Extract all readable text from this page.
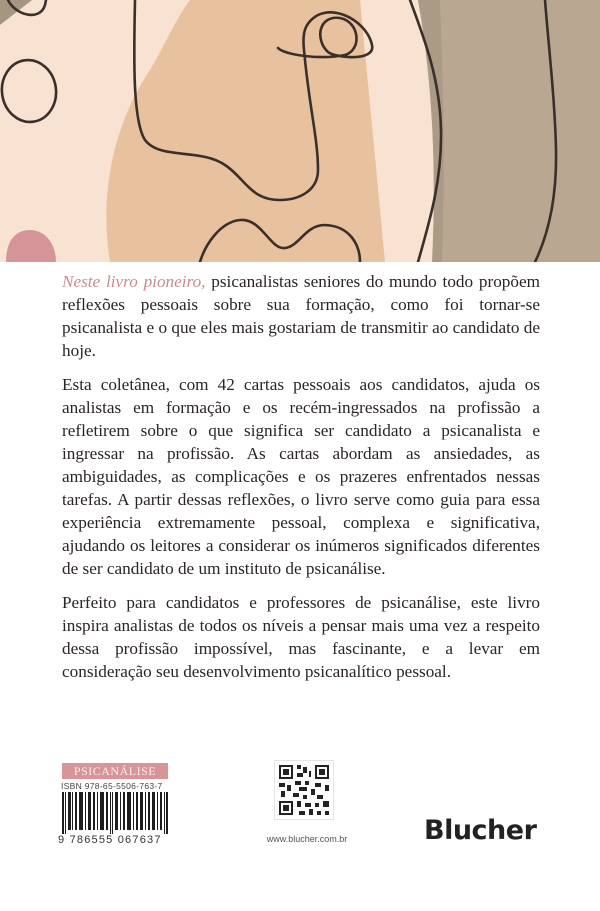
Neste livro pioneiro, psicanalistas seniores do mundo todo propõem reflexões pessoais sobre sua formação, como foi tornar-se psicanalista e o que eles mais gostariam de transmitir ao candidato de hoje.

Esta coletânea, com 42 cartas pessoais aos candidatos, ajuda os analistas em formação e os recém-ingressados na profissão a refletirem sobre o que significa ser candidato a psicanalista e ingressar na profissão. As cartas abordam as ansiedades, as ambiguidades, as complicações e os prazeres enfrentados nessas tarefas. A partir dessas reflexões, o livro serve como guia para essa experiência extremamente pessoal, complexa e significativa, ajudando os leitores a considerar os inúmeros significados diferentes de ser candidato de um instituto de psicanálise.

Perfeito para candidatos e professores de psicanálise, este livro inspira analistas de todos os níveis a pensar mais uma vez a respeito dessa profissão impossível, mas fascinante, e a levar em consideração seu desenvolvimento psicanalítico pessoal.

PSICANÁLISE
ISBN 978-65-5506-763-7
9 786555 067637	www.blucher.com.br	Blucher
